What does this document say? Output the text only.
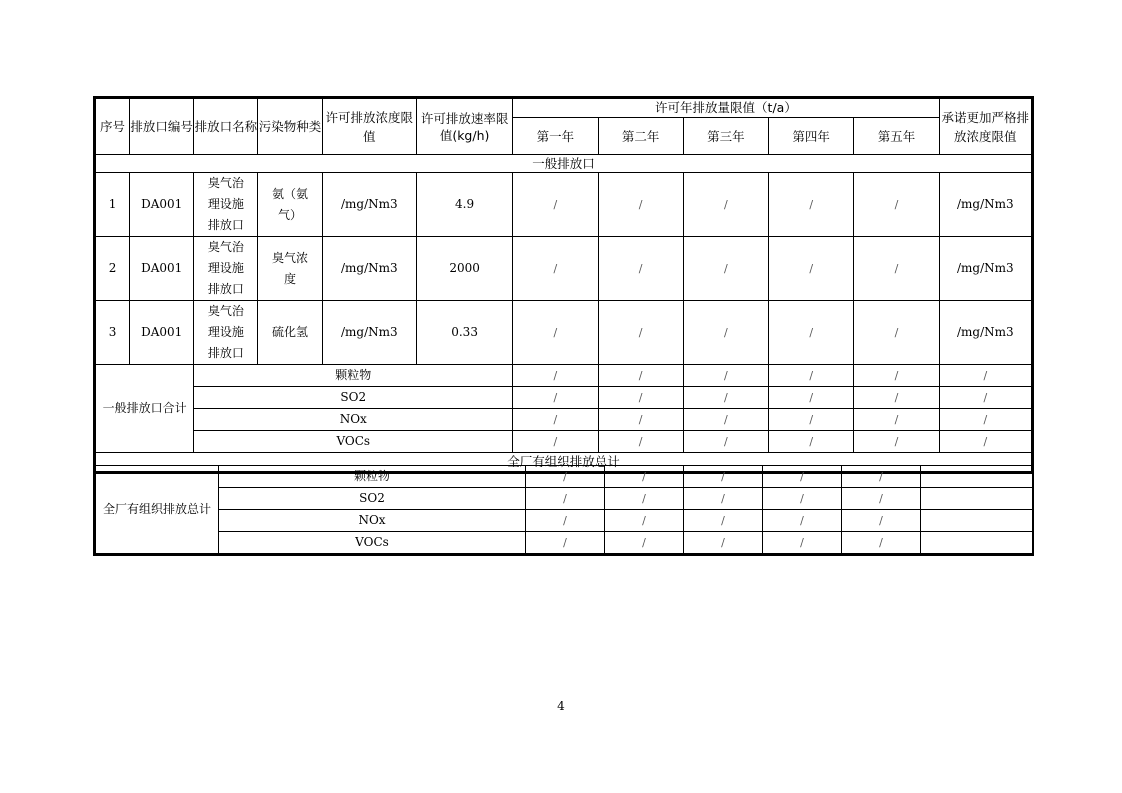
序号	排放口编号	排放口名称	污染物种类	许可排放浓度限值	许可排放速率限值(kg/h)	许可年排放量限值（t/a）					承诺更加严格排放浓度限值
						第一年	第二年	第三年	第四年	第五年	
一般排放口											
1	DA001	臭气治理设施排放口	氨（氨气）	/mg/Nm3	4.9	/	/	/	/	/	/mg/Nm3
2	DA001	臭气治理设施排放口	臭气浓度	/mg/Nm3	2000	/	/	/	/	/	/mg/Nm3
3	DA001	臭气治理设施排放口	硫化氢	/mg/Nm3	0.33	/	/	/	/	/	/mg/Nm3
一般排放口合计		颗粒物				/	/	/	/	/	/
		SO2				/	/	/	/	/	/
		NOx				/	/	/	/	/	/
		VOCs				/	/	/	/	/	/
全厂有组织排放总计											
全厂有组织排放总计	颗粒物	/	/	/	/	/	
	SO2	/	/	/	/	/	
	NOx	/	/	/	/	/	
	VOCs	/	/	/	/	/	
4
